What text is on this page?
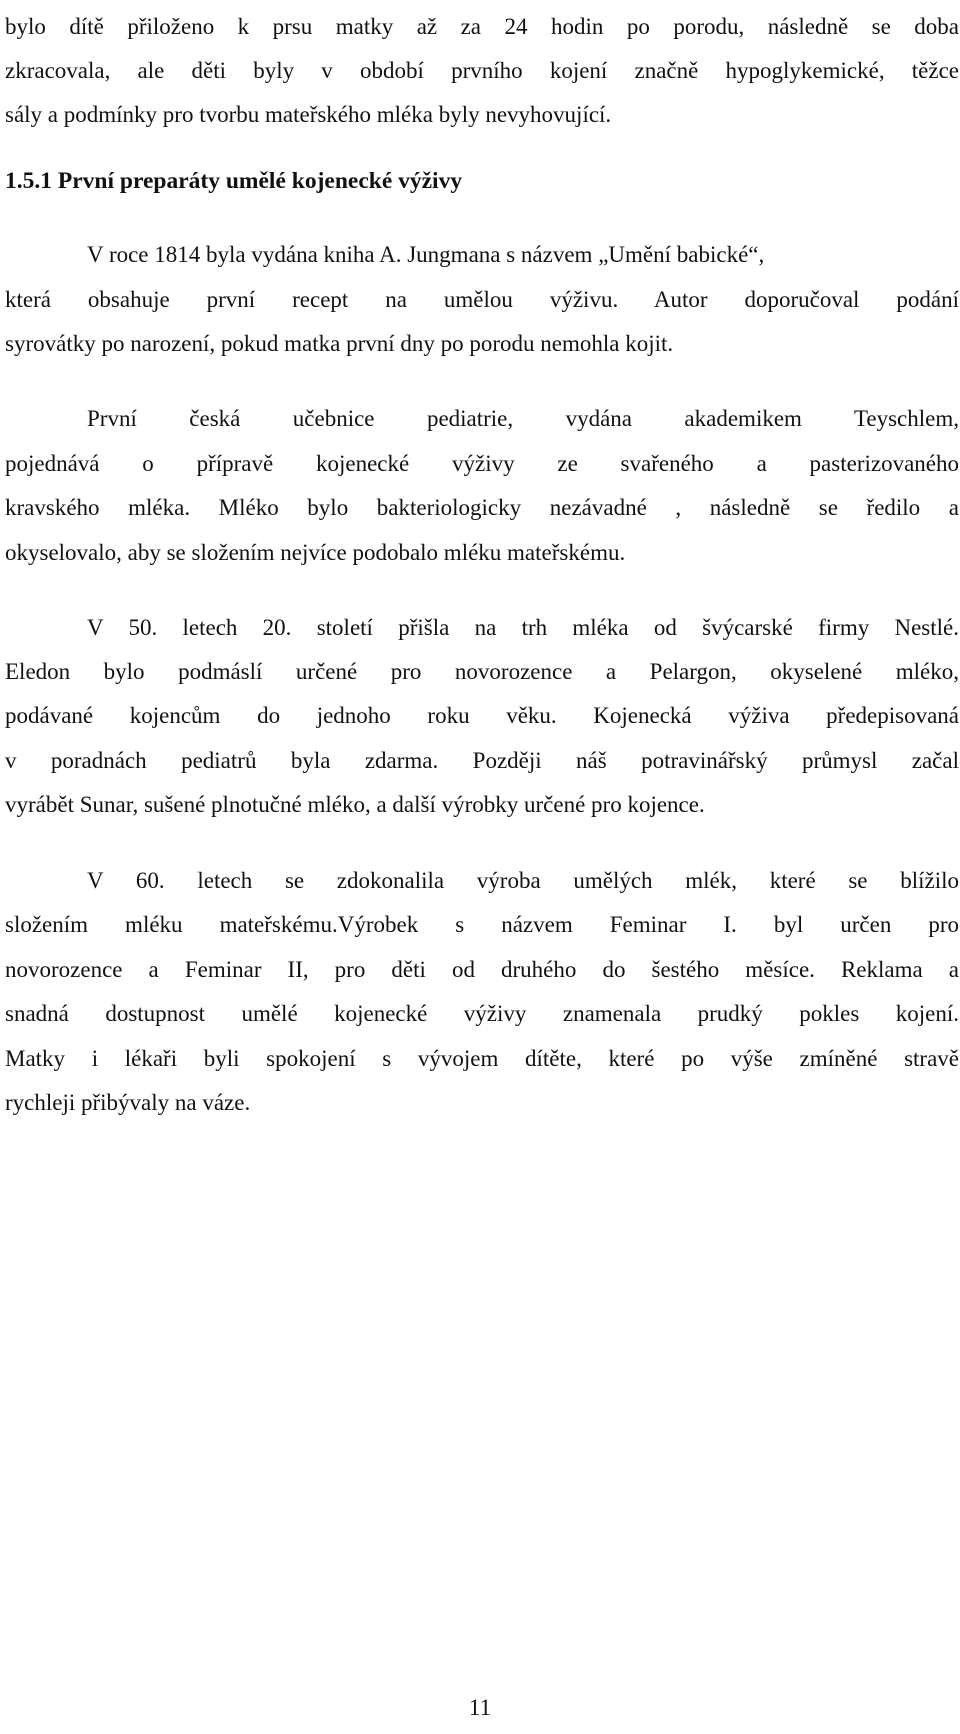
bylo dítě přiloženo k prsu matky až za 24 hodin po porodu, následně se doba
zkracovala, ale děti byly v období prvního kojení značně hypoglykemické, těžce
sály a podmínky pro tvorbu mateřského mléka byly nevyhovující.
1.5.1 První preparáty umělé kojenecké výživy
V roce 1814 byla vydána kniha A. Jungmana s názvem „Umění babické“,
která obsahuje první recept na umělou výživu. Autor doporučoval podání
syrovátky po narození, pokud matka první dny po porodu nemohla kojit.
První česká učebnice pediatrie, vydána akademikem Teyschlem,
pojednává o přípravě kojenecké výživy ze svařeného a pasterizovaného
kravského mléka. Mléko bylo bakteriologicky nezávadné , následně se ředilo a
okyselovalo, aby se složením nejvíce podobalo mléku mateřskému.
V 50. letech 20. století přišla na trh mléka od švýcarské firmy Nestlé.
Eledon bylo podmáslí určené pro novorozence a Pelargon, okyselené mléko,
podávané kojencům do jednoho roku věku. Kojenecká výživa předepisovaná
v poradnách pediatrů byla zdarma. Později náš potravinářský průmysl začal
vyrábět Sunar, sušené plnotučné mléko, a další výrobky určené pro kojence.
V 60. letech se zdokonalila výroba umělých mlék, které se blížilo
složením mléku mateřskému.Výrobek s názvem Feminar I. byl určen pro
novorozence a Feminar II, pro děti od druhého do šestého měsíce. Reklama a
snadná dostupnost umělé kojenecké výživy znamenala prudký pokles kojení.
Matky i lékaři byli spokojení s vývojem dítěte, které po výše zmíněné stravě
rychleji přibývaly na váze.
11
